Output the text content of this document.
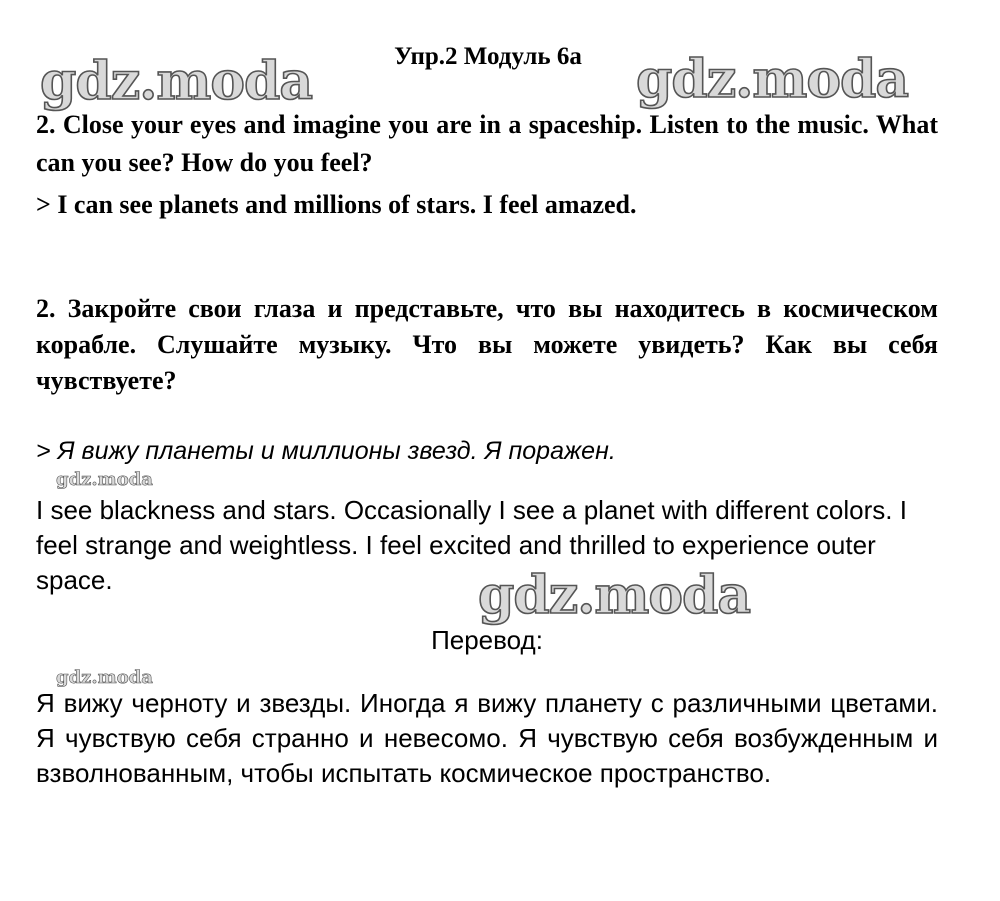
Упр.2 Модуль 6а
gdz.moda	gdz.moda
gdz.moda
gdz.moda
gdz.moda

2. Close your eyes and imagine you are in a spaceship. Listen to the music. What can you see? How do you feel?

> I can see planets and millions of stars. I feel amazed.

2. Закройте свои глаза и представьте, что вы находитесь в космическом корабле. Слушайте музыку. Что вы можете увидеть? Как вы себя чувствуете?

> Я вижу планеты и миллионы звезд. Я поражен.

I see blackness and stars. Occasionally I see a planet with different colors. I feel strange and weightless. I feel excited and thrilled to experience outer space.

Перевод:

Я вижу черноту и звезды. Иногда я вижу планету с различными цветами. Я чувствую себя странно и невесомо. Я чувствую себя возбужденным и взволнованным, чтобы испытать космическое пространство.
